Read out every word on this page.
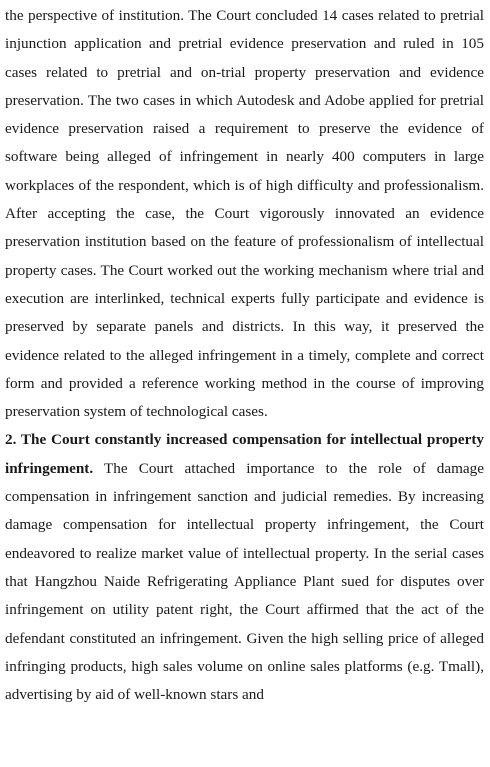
the perspective of institution. The Court concluded 14 cases related to pretrial injunction application and pretrial evidence preservation and ruled in 105 cases related to pretrial and on-trial property preservation and evidence preservation. The two cases in which Autodesk and Adobe applied for pretrial evidence preservation raised a requirement to preserve the evidence of software being alleged of infringement in nearly 400 computers in large workplaces of the respondent, which is of high difficulty and professionalism. After accepting the case, the Court vigorously innovated an evidence preservation institution based on the feature of professionalism of intellectual property cases. The Court worked out the working mechanism where trial and execution are interlinked, technical experts fully participate and evidence is preserved by separate panels and districts. In this way, it preserved the evidence related to the alleged infringement in a timely, complete and correct form and provided a reference working method in the course of improving preservation system of technological cases.

2. The Court constantly increased compensation for intellectual property infringement. The Court attached importance to the role of damage compensation in infringement sanction and judicial remedies. By increasing damage compensation for intellectual property infringement, the Court endeavored to realize market value of intellectual property. In the serial cases that Hangzhou Naide Refrigerating Appliance Plant sued for disputes over infringement on utility patent right, the Court affirmed that the act of the defendant constituted an infringement. Given the high selling price of alleged infringing products, high sales volume on online sales platforms (e.g. Tmall), advertising by aid of well-known stars and
